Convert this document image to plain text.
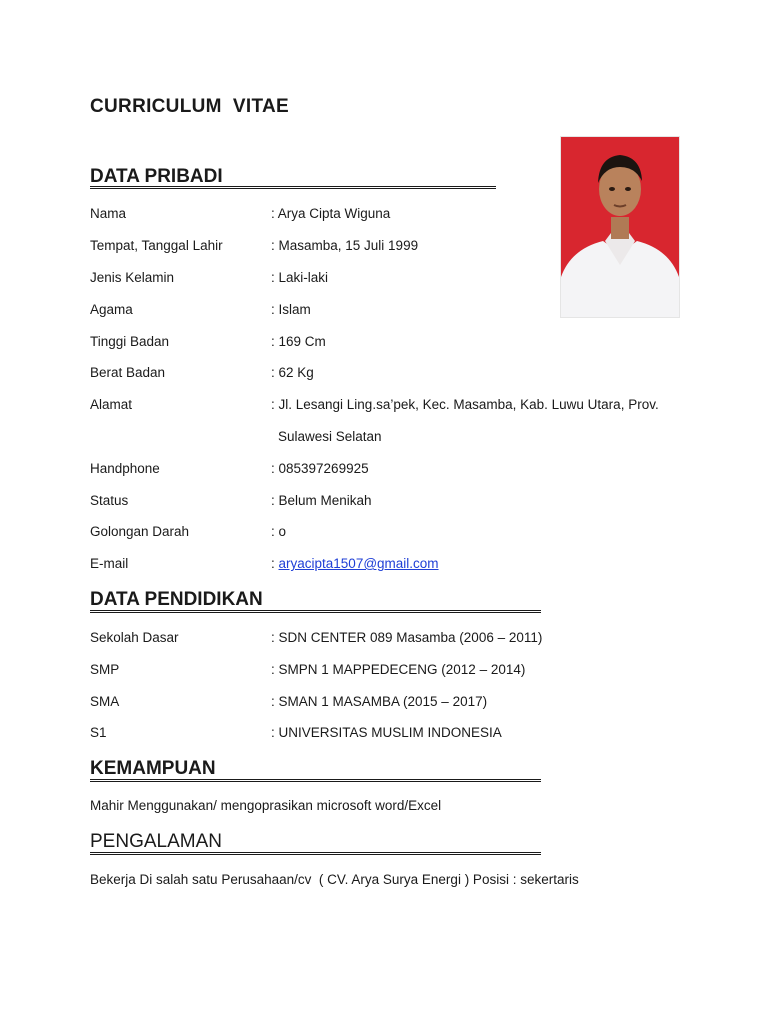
CURRICULUM  VITAE
DATA PRIBADI
Nama	: Arya Cipta Wiguna
Tempat, Tanggal Lahir	: Masamba, 15 Juli 1999
Jenis Kelamin	: Laki-laki
Agama	: Islam
Tinggi Badan	: 169 Cm
Berat Badan	: 62 Kg
Alamat	: Jl. Lesangi Ling.sa’pek, Kec. Masamba, Kab. Luwu Utara, Prov.
Sulawesi Selatan
Handphone	: 085397269925
Status	: Belum Menikah
Golongan Darah	: o
E-mail	: aryacipta1507@gmail.com
DATA PENDIDIKAN
Sekolah Dasar	: SDN CENTER 089 Masamba (2006 – 2011)
SMP	: SMPN 1 MAPPEDECENG (2012 – 2014)
SMA	: SMAN 1 MASAMBA (2015 – 2017)
S1	: UNIVERSITAS MUSLIM INDONESIA
KEMAMPUAN
Mahir Menggunakan/ mengoprasikan microsoft word/Excel
PENGALAMAN
Bekerja Di salah satu Perusahaan/cv  ( CV. Arya Surya Energi ) Posisi : sekertaris
